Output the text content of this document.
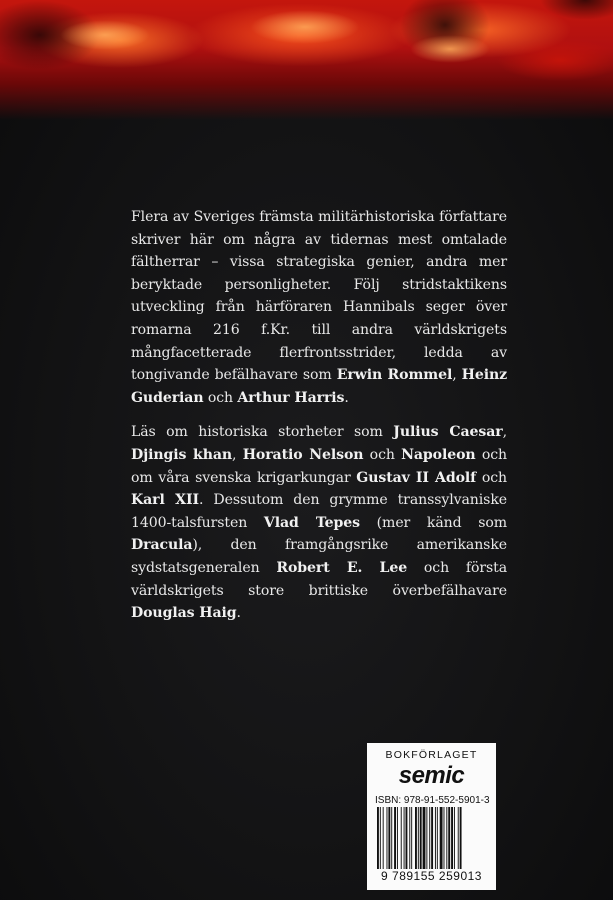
Flera av Sveriges främsta militärhistoriska författare skriver här om några av tidernas mest omtalade fältherrar – vissa strategiska genier, andra mer beryktade personligheter. Följ stridstaktikens utveckling från härföraren Hannibals seger över romarna 216 f.Kr. till andra världskrigets mångfacetterade flerfrontsstrider, ledda av tongivande befälhavare som Erwin Rommel, Heinz Guderian och Arthur Harris.

Läs om historiska storheter som Julius Caesar, Djingis khan, Horatio Nelson och Napoleon och om våra svenska krigarkungar Gustav II Adolf och Karl XII. Dessutom den grymme transsylvaniske 1400-talsfursten Vlad Tepes (mer känd som Dracula), den framgångsrike amerikanske sydstatsgeneralen Robert E. Lee och första världskrigets store brittiske överbefälhavare Douglas Haig.

BOKFÖRLAGET
semic
ISBN: 978-91-552-5901-3
9 789155 259013
